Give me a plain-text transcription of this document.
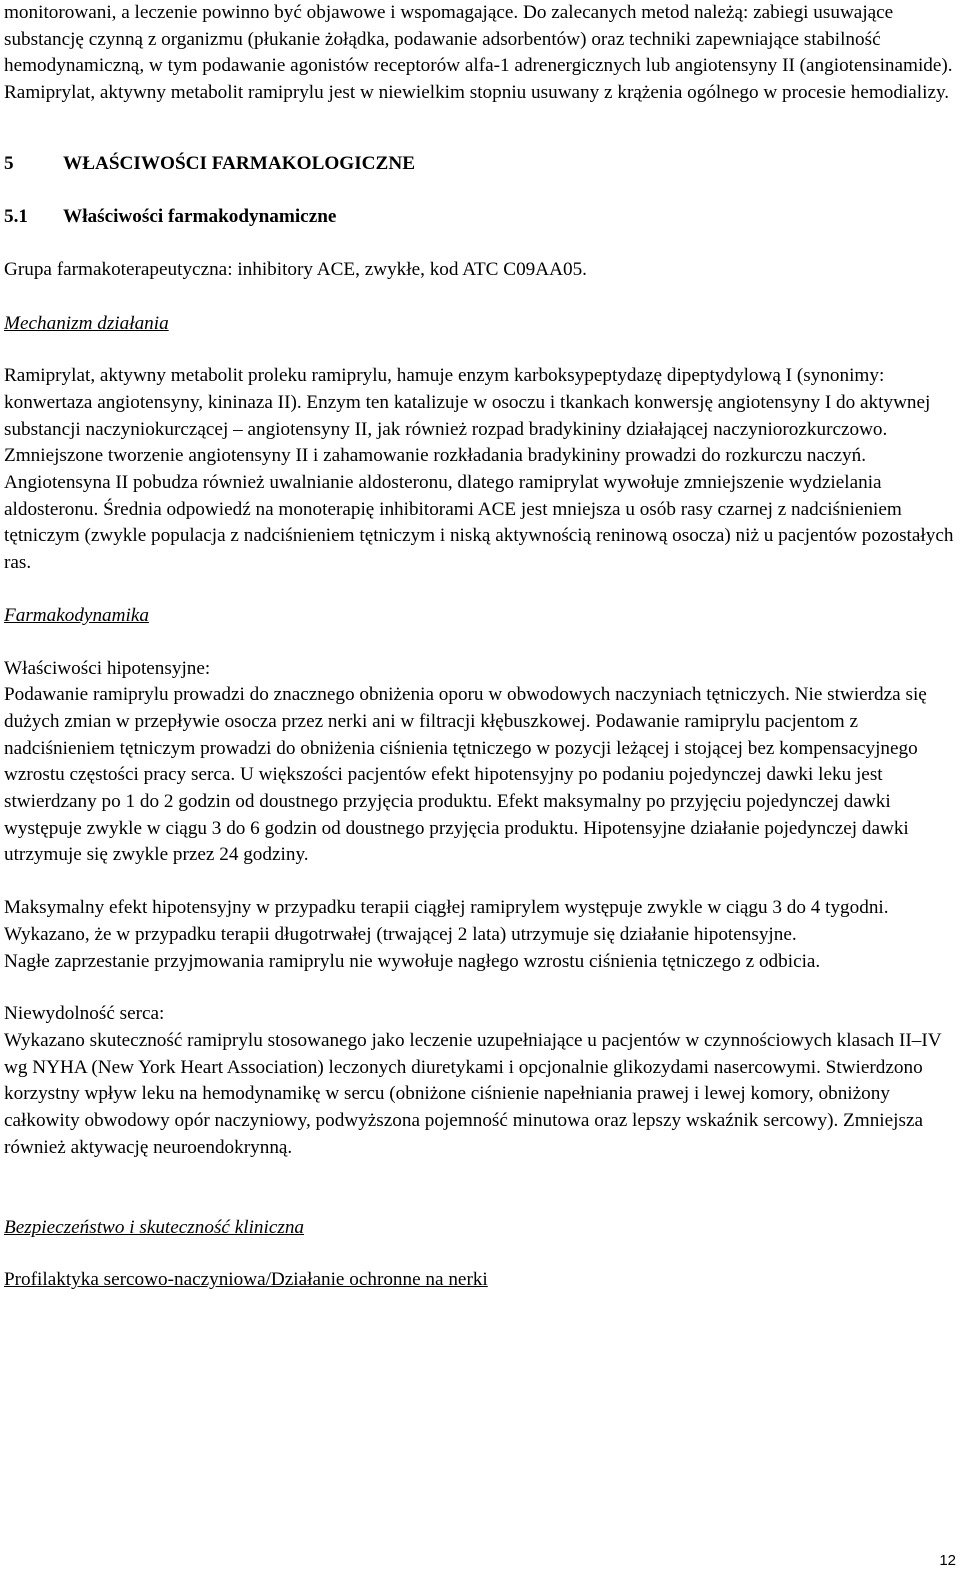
monitorowani, a leczenie powinno być objawowe i wspomagające. Do zalecanych metod należą: zabiegi usuwające substancję czynną z organizmu (płukanie żołądka, podawanie adsorbentów) oraz techniki zapewniające stabilność hemodynamiczną, w tym podawanie agonistów receptorów alfa-1 adrenergicznych lub angiotensyny II (angiotensinamide). Ramiprylat, aktywny metabolit ramiprylu jest w niewielkim stopniu usuwany z krążenia ogólnego w procesie hemodializy.

5	WŁAŚCIWOŚCI FARMAKOLOGICZNE
5.1 Właściwości farmakodynamiczne

Grupa farmakoterapeutyczna: inhibitory ACE, zwykłe, kod ATC C09AA05.

Mechanizm działania

Ramiprylat, aktywny metabolit proleku ramiprylu, hamuje enzym karboksypeptydazę dipeptydylową I (synonimy: konwertaza angiotensyny, kininaza II). Enzym ten katalizuje w osoczu i tkankach konwersję angiotensyny I do aktywnej substancji naczyniokurczącej – angiotensyny II, jak również rozpad bradykininy działającej naczyniorozkurczowo. Zmniejszone tworzenie angiotensyny II i zahamowanie rozkładania bradykininy prowadzi do rozkurczu naczyń.

Angiotensyna II pobudza również uwalnianie aldosteronu, dlatego ramiprylat wywołuje zmniejszenie wydzielania aldosteronu. Średnia odpowiedź na monoterapię inhibitorami ACE jest mniejsza u osób rasy czarnej z nadciśnieniem tętniczym (zwykle populacja z nadciśnieniem tętniczym i niską aktywnością reninową osocza) niż u pacjentów pozostałych ras.

Farmakodynamika

Właściwości hipotensyjne:

Podawanie ramiprylu prowadzi do znacznego obniżenia oporu w obwodowych naczyniach tętniczych. Nie stwierdza się dużych zmian w przepływie osocza przez nerki ani w filtracji kłębuszkowej. Podawanie ramiprylu pacjentom z nadciśnieniem tętniczym prowadzi do obniżenia ciśnienia tętniczego w pozycji leżącej i stojącej bez kompensacyjnego wzrostu częstości pracy serca. U większości pacjentów efekt hipotensyjny po podaniu pojedynczej dawki leku jest stwierdzany po 1 do 2 godzin od doustnego przyjęcia produktu. Efekt maksymalny po przyjęciu pojedynczej dawki występuje zwykle w ciągu 3 do 6 godzin od doustnego przyjęcia produktu. Hipotensyjne działanie pojedynczej dawki utrzymuje się zwykle przez 24 godziny.

Maksymalny efekt hipotensyjny w przypadku terapii ciągłej ramiprylem występuje zwykle w ciągu 3 do 4 tygodni. Wykazano, że w przypadku terapii długotrwałej (trwającej 2 lata) utrzymuje się działanie hipotensyjne.

Nagłe zaprzestanie przyjmowania ramiprylu nie wywołuje nagłego wzrostu ciśnienia tętniczego z odbicia.

Niewydolność serca:

Wykazano skuteczność ramiprylu stosowanego jako leczenie uzupełniające u pacjentów w czynnościowych klasach II–IV wg NYHA (New York Heart Association) leczonych diuretykami i opcjonalnie glikozydami nasercowymi. Stwierdzono korzystny wpływ leku na hemodynamikę w sercu (obniżone ciśnienie napełniania prawej i lewej komory, obniżony całkowity obwodowy opór naczyniowy, podwyższona pojemność minutowa oraz lepszy wskaźnik sercowy). Zmniejsza również aktywację neuroendokrynną.

Bezpieczeństwo i skuteczność kliniczna

Profilaktyka sercowo-naczyniowa/Działanie ochronne na nerki

12
